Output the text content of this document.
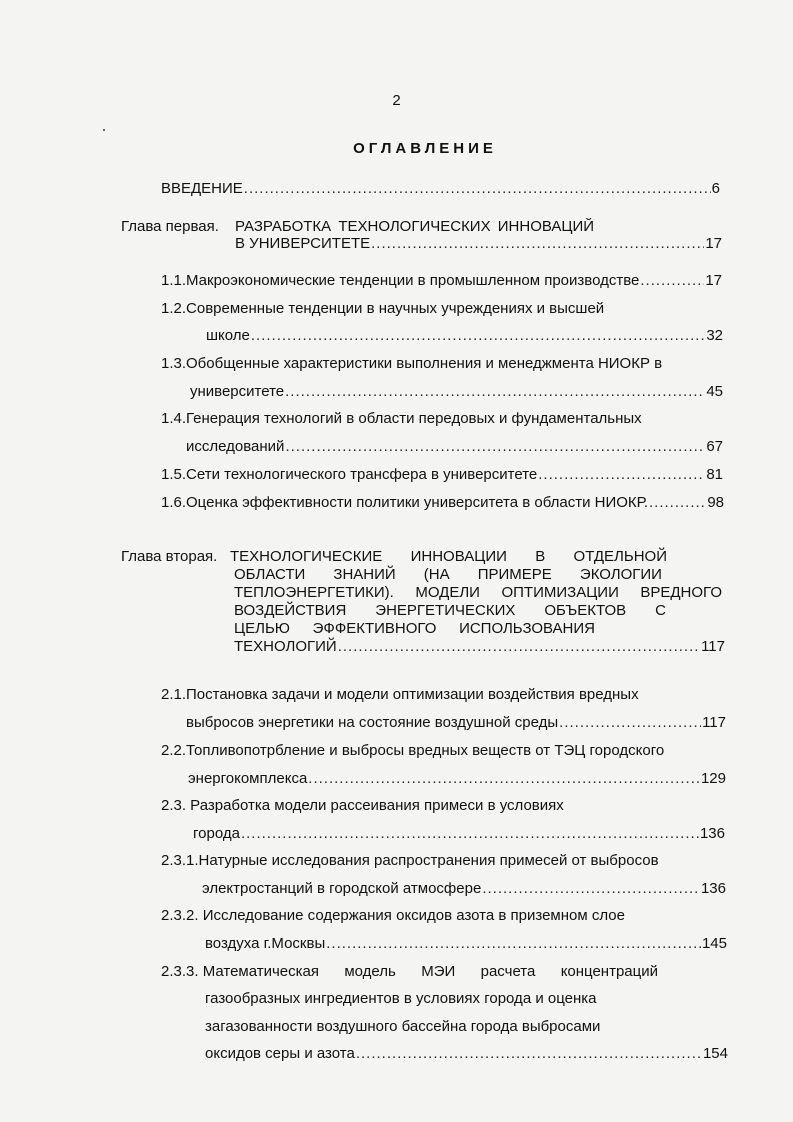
2
ОГЛАВЛЕНИЕ
ВВЕДЕНИЕ .....	6
Глава первая. РАЗРАБОТКА ТЕХНОЛОГИЧЕСКИХ ИННОВАЦИЙ
В УНИВЕРСИТЕТЕ .....	17
1.1.Макроэкономические тенденции в промышленном производстве .....	17
1.2.Современные тенденции в научных учреждениях и высшей
школе .....	32
1.3.Обобщенные характеристики выполнения и менеджмента НИОКР в
университете .....	45
1.4.Генерация технологий в области передовых и фундаментальных
исследований .....	67
1.5.Сети технологического трансфера в университете .....	81
1.6.Оценка эффективности политики университета в области НИОКР. .....	98
Глава вторая. ТЕХНОЛОГИЧЕСКИЕ ИННОВАЦИИ В ОТДЕЛЬНОЙ
ОБЛАСТИ ЗНАНИЙ (НА ПРИМЕРЕ ЭКОЛОГИИ
ТЕПЛОЭНЕРГЕТИКИ). МОДЕЛИ ОПТИМИЗАЦИИ ВРЕДНОГО
ВОЗДЕЙСТВИЯ ЭНЕРГЕТИЧЕСКИХ ОБЪЕКТОВ С
ЦЕЛЬЮ ЭФФЕКТИВНОГО ИСПОЛЬЗОВАНИЯ
ТЕХНОЛОГИЙ .....	117
2.1.Постановка задачи и модели оптимизации воздействия вредных
выбросов энергетики на состояние воздушной среды .....	117
2.2.Топливопотрбление и выбросы вредных веществ от ТЭЦ городского
энергокомплекса .....	129
2.3. Разработка модели рассеивания примеси в условиях
города .....	136
2.3.1.Натурные исследования распространения примесей от выбросов
электростанций в городской атмосфере .....	136
2.3.2. Исследование содержания оксидов азота в приземном слое
воздуха г.Москвы .....	145
2.3.3. Математическая модель МЭИ расчета концентраций
газообразных ингредиентов в условиях города и оценка
загазованности воздушного бассейна города выбросами
оксидов серы и азота .....	154
